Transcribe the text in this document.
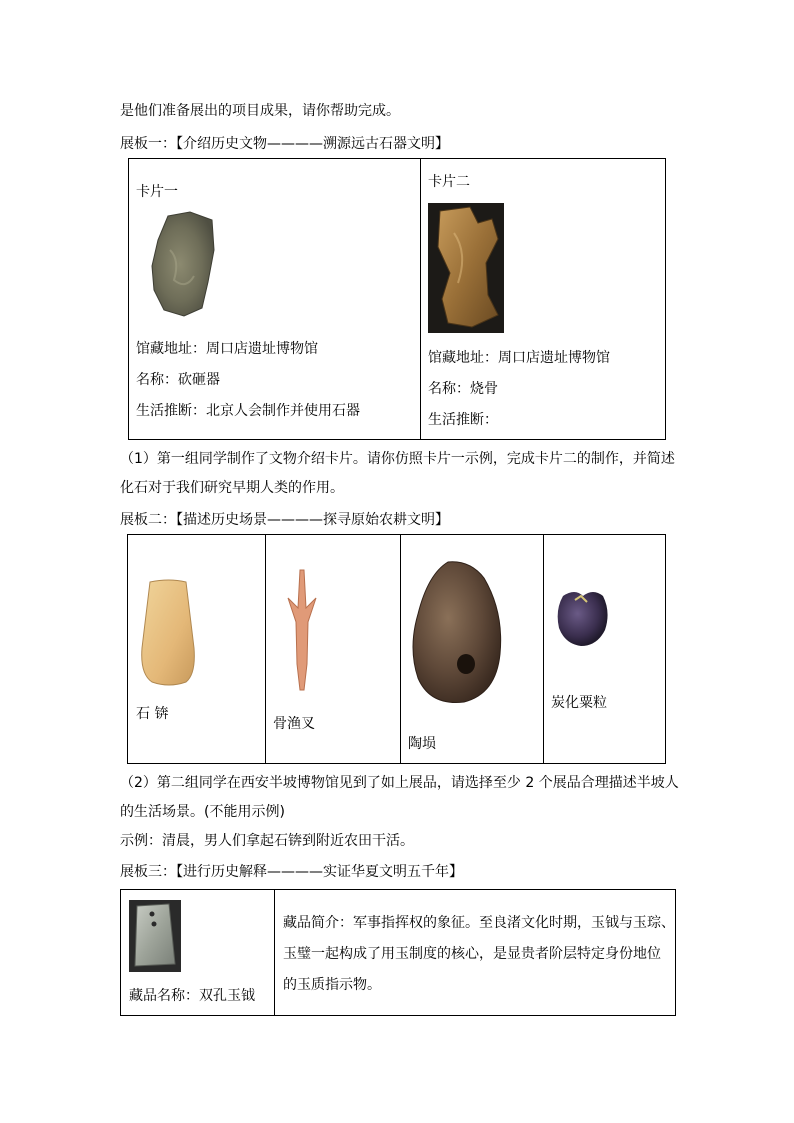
是他们准备展出的项目成果，请你帮助完成。
展板一：【介绍历史文物————溯源远古石器文明】
卡片一
馆藏地址：周口店遗址博物馆
名称：砍砸器
生活推断：北京人会制作并使用石器
卡片二
馆藏地址：周口店遗址博物馆
名称：烧骨
生活推断：
（1）第一组同学制作了文物介绍卡片。请你仿照卡片一示例，完成卡片二的制作，并简述
化石对于我们研究早期人类的作用。
展板二：【描述历史场景————探寻原始农耕文明】
石 锛
骨渔叉
陶埙
炭化粟粒
（2）第二组同学在西安半坡博物馆见到了如上展品，请选择至少 2 个展品合理描述半坡人
的生活场景。(不能用示例)
示例：清晨，男人们拿起石锛到附近农田干活。
展板三：【进行历史解释————实证华夏文明五千年】
藏品名称：双孔玉钺
藏品简介：军事指挥权的象征。至良渚文化时期，玉钺与玉琮、
玉璧一起构成了用玉制度的核心，是显贵者阶层特定身份地位
的玉质指示物。
